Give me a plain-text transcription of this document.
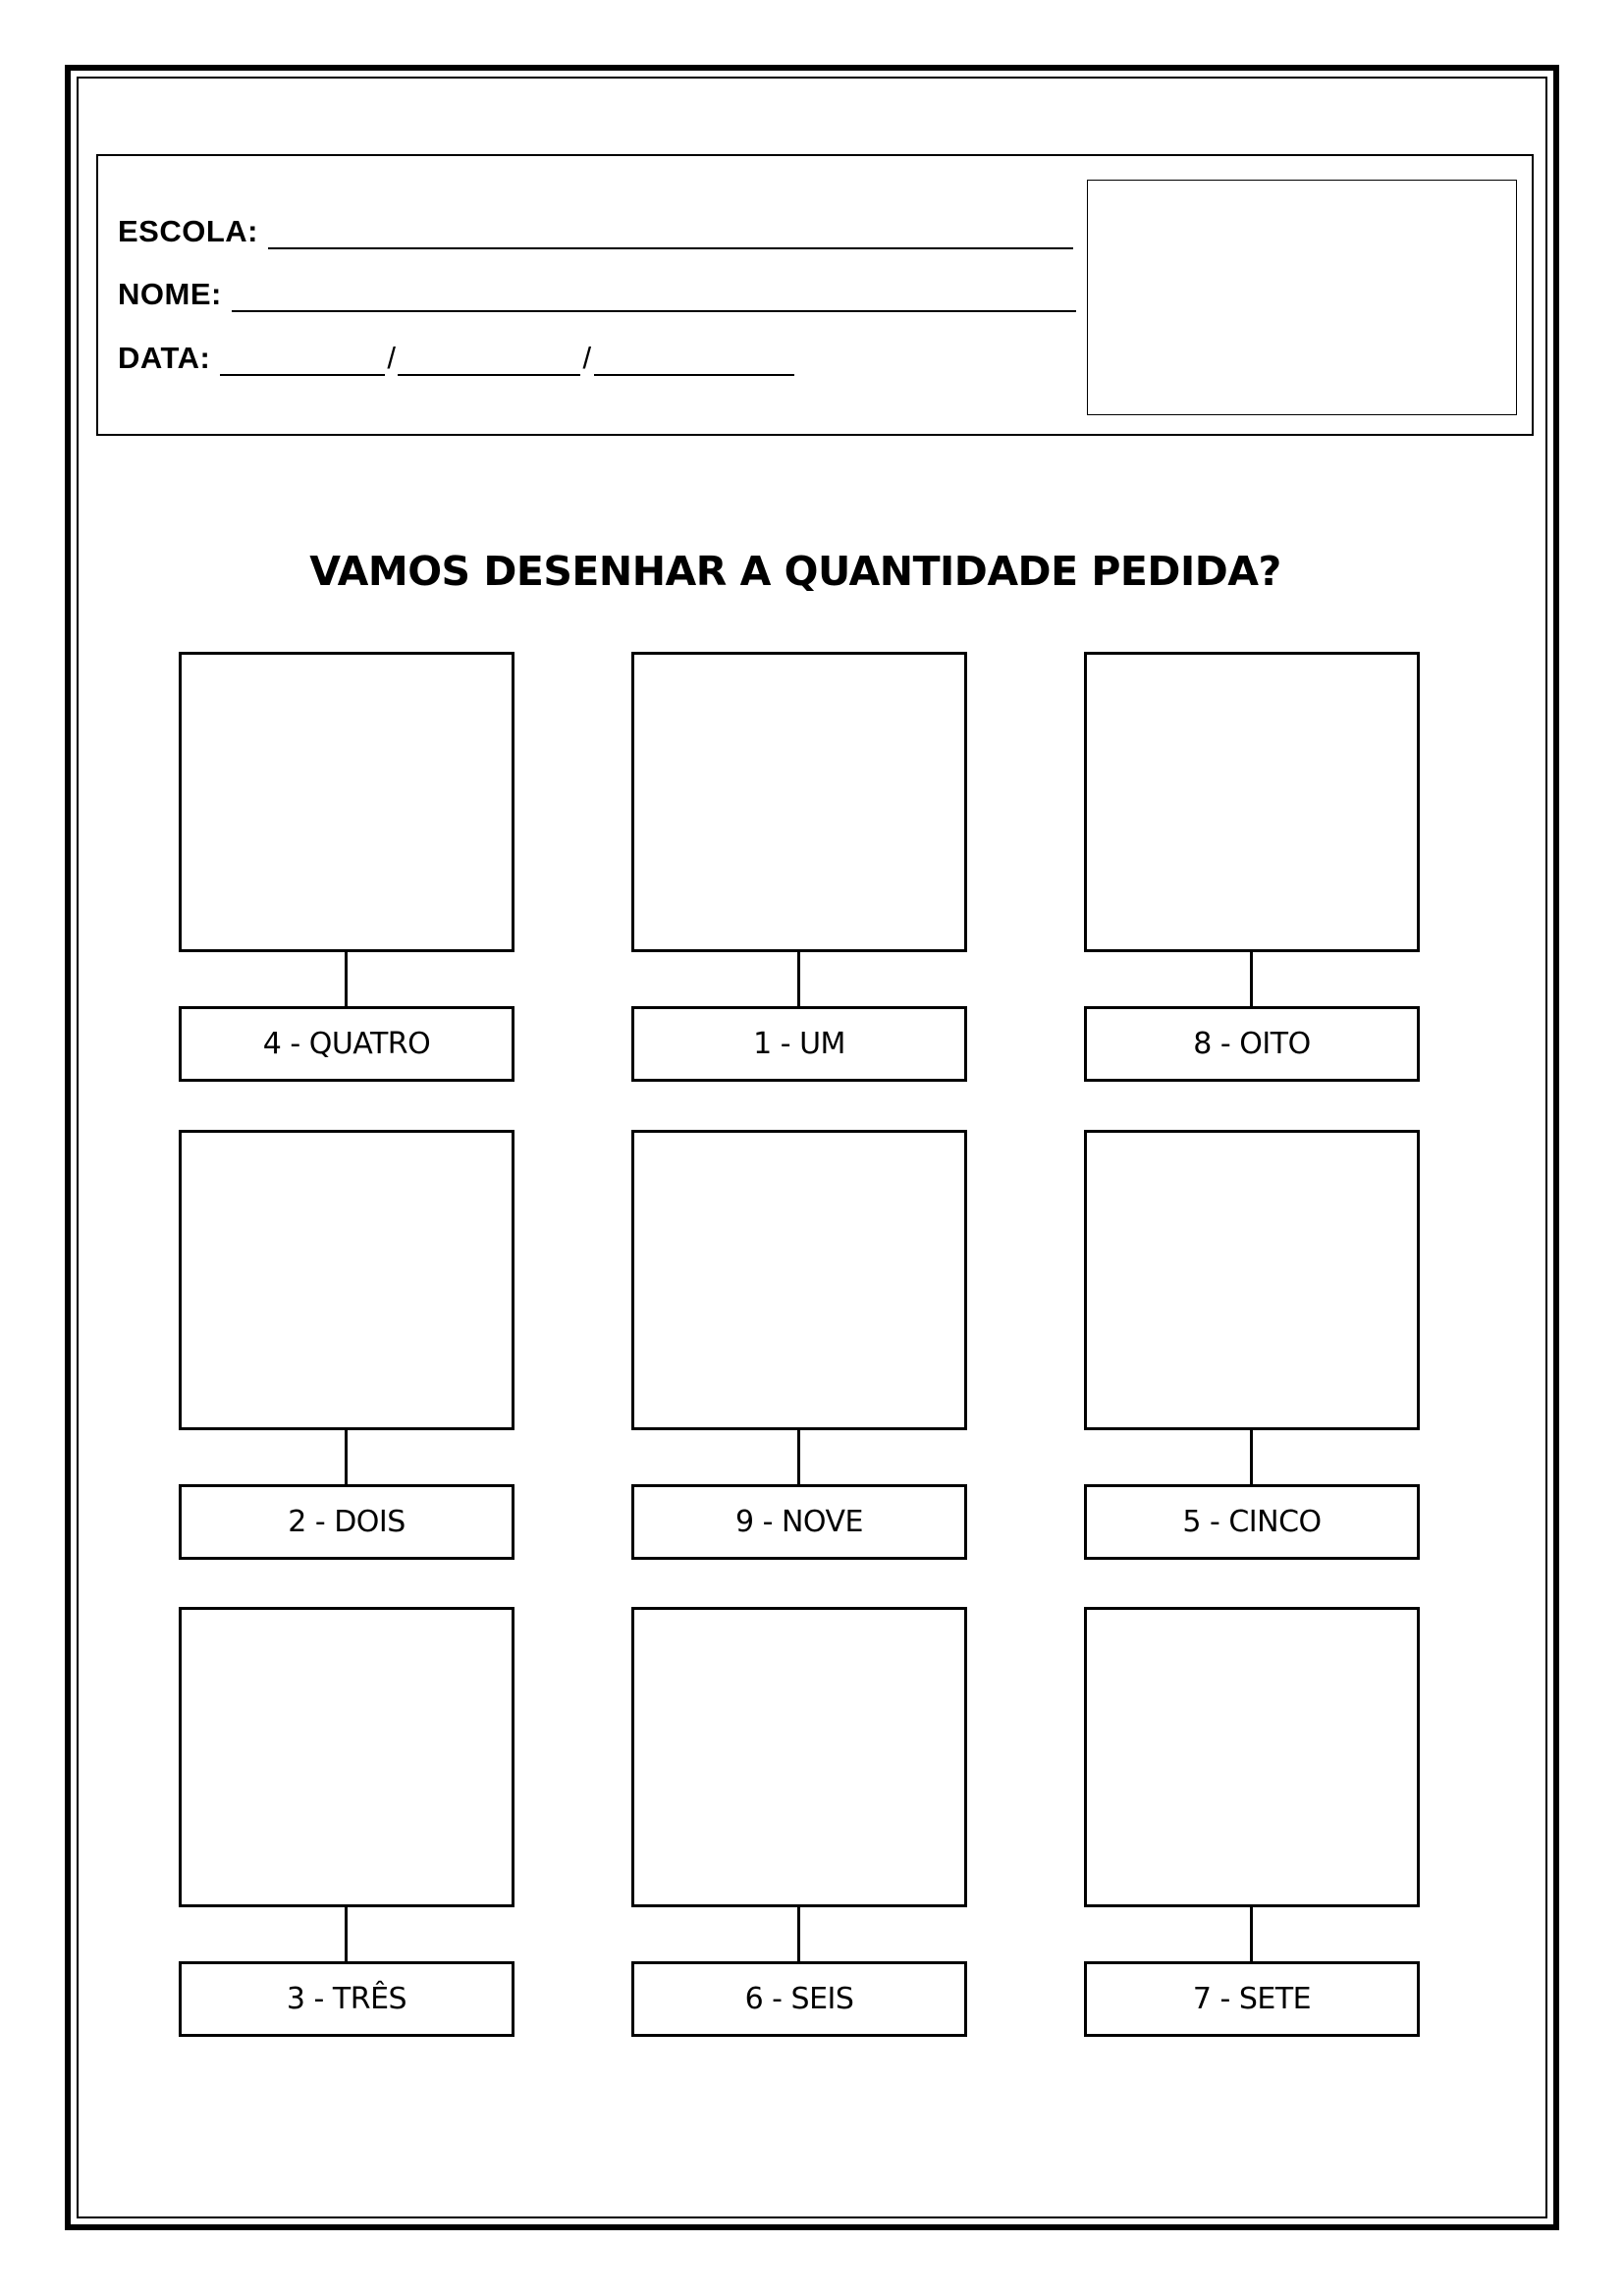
ESCOLA:
NOME:
DATA:	/	/
VAMOS DESENHAR A QUANTIDADE PEDIDA?
4 - QUATRO	1 - UM	8 - OITO
2 - DOIS	9 - NOVE	5 - CINCO
3 - TRÊS	6 - SEIS	7 - SETE
